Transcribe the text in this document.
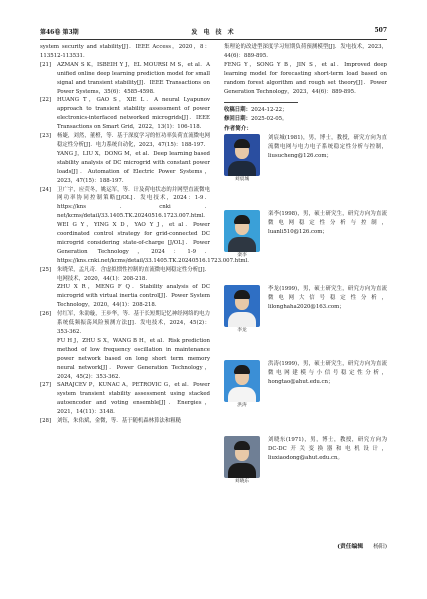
第46卷 第3期	发 电 技 术	507
system security and stability[J]．IEEE Access，2020，8：113512-113531.
[21]	AZMAN S K，ISBEIH Y J，EL MOURSI M S，et al．A unified online deep learning prediction model for small signal and transient stability[J]．IEEE Transactions on Power Systems，35(6)：4585-4598.
[22]	HUANG T，GAO S，XIE L．A neural Lyapunov approach to transient stability assessment of power electronics-interfaced networked microgrids[J]．IEEE Transactions on Smart Grid，2022，13(1)：106-118.
[23]	杨婕，刘然，董橙，等．基于深度学习的恒功率负荷直流微电网稳定性分析[J]．电力系统自动化，2023，47(15)：188-197.
YANG J，LIU X，DONG M，et al．Deep learning based stability analysis of DC microgrid with constant power loads[J]．Automation of Electric Power Systems，2023，47(15)：188-197.
[24]	卫广宇，应荧冬，姚运军，等．计及荷电状态的并网型直流微电网功率协同控制策略[J/OL]．发电技术，2024：1-9．https://kns．cnki．net/kcms/detail/33.1405.TK.20240516.1723.007.html.
WEI G Y，YING X D，YAO Y J，et al．Power coordinated control strategy for grid-connected DC microgrid considering state-of-charge [J/OL]．Power Generation Technology，2024：1-9．https://kns.cnki.net/kcms/detail/33.1405.TK.20240516.1723.007.html.
[25]	朱晓荣，孟凡奇．含虚拟惯性控制的直流微电网稳定性分析[J]．电网技术，2020，44(1)：208-218.
ZHU X R，MENG F Q．Stability analysis of DC microgrid with virtual inertia control[J]．Power System Technology，2020，44(1)：208-218.
[26]	付红军，朱劭璇，王步华，等．基于长短期记忆神经网络的电力系统低频振荡风险预测方法[J]．发电技术，2024，45(2)：353-362.
FU H J，ZHU S X，WANG B H，et al．Risk prediction method of low frequency oscillation in maintenance power network based on long short term memory neural network[J]．Power Generation Technology，2024，45(2)：353-362.
[27]	SARAJCEV P，KUNAC A，PETROVIC G，et al．Power system transient stability assessment using stacked autoencoder and voting ensemble[J]．Energies，2021，14(11)：3148.
[28]	刘钰，朱佑斌，金微，等．基于随机森林算法和粗糙
集理论的改进型深度学习短期负荷预测模型[J]．发电技术，2023，44(6)：889-895.
FENG Y，SONG Y B，JIN S，et al．Improved deep learning model for forecasting short-term load based on random forest algorithm and rough set theory[J]．Power Generation Technology，2023，44(6)：889-895.
收稿日期：2024-12-22；
修回日期：2025-02-05。
作者简介：
刘宸城
刘宸城(1981)，男，博士，教授，研究方向为直流微电网与电力电子系统稳定性分析与控制，liusucheng@126.com；
栾李
栾李(1998)，男，硕士研究生，研究方向为直流微电网稳定性分析与控制，luanli510@126.com；
李龙
李龙(1999)，男，硕士研究生，研究方向为直流微电网大信号稳定性分析，lilonghaha2020@163.com；
洪涛
洪涛(1999)，男，硕士研究生，研究方向为直流微电网建模与小信号稳定性分析，hongtao@ahut.edu.cn；
刘晓东
刘晓东(1971)，男，博士，教授，研究方向为DC-DC开关变换器和电机设计，liuxiaodong@ahut.edu.cn。
(责任编辑 杨阳)
